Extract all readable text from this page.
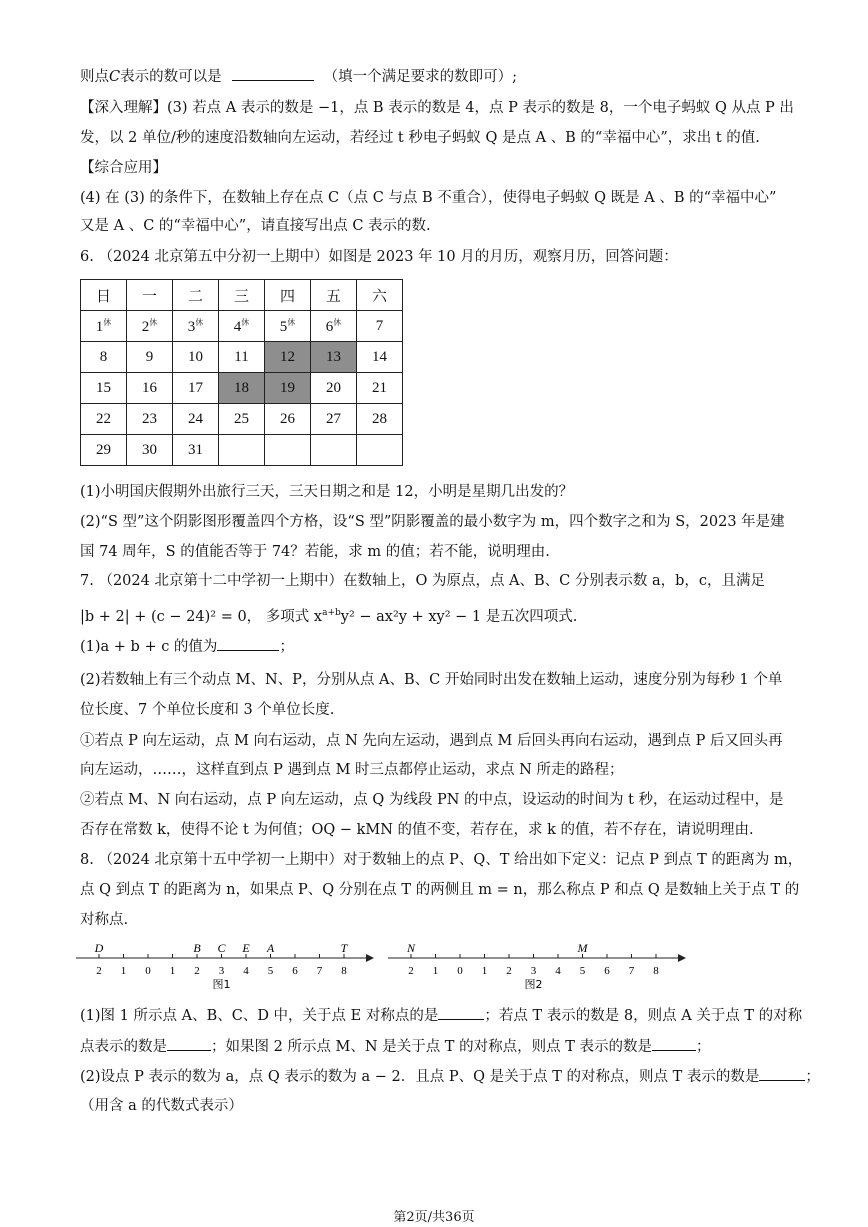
则点C表示的数可以是	（填一个满足要求的数即可）;
【深入理解】(3) 若点 A 表示的数是 −1，点 B 表示的数是 4，点 P 表示的数是 8，一个电子蚂蚁 Q 从点 P 出
发，以 2 单位/秒的速度沿数轴向左运动，若经过 t 秒电子蚂蚁 Q 是点 A 、B 的“幸福中心”，求出 t 的值.
【综合应用】
(4) 在 (3) 的条件下，在数轴上存在点 C（点 C 与点 B 不重合），使得电子蚂蚁 Q 既是 A 、B 的“幸福中心”
又是 A 、C 的“幸福中心”，请直接写出点 C 表示的数.
6. （2024 北京第五中分初一上期中）如图是 2023 年 10 月的月历，观察月历，回答问题：
日	一	二	三	四	五	六
$1^休$	$2^休$	$3^休$	$4^休$	$5^休$	$6^休$	7
8	9	10	11	12	13	14
15	16	17	18	19	20	21
22	23	24	25	26	27	28
29	30	31				
(1)小明国庆假期外出旅行三天，三天日期之和是 12，小明是星期几出发的？
(2)“S 型”这个阴影图形覆盖四个方格，设“S 型”阴影覆盖的最小数字为 m，四个数字之和为 S，2023 年是建
国 74 周年，S 的值能否等于 74？若能，求 m 的值；若不能，说明理由.
7. （2024 北京第十二中学初一上期中）在数轴上，O 为原点，点 A、B、C 分别表示数 a，b，c，且满足
|b + 2| + (c − 24)² = 0， 多项式 $x^{a+b}y^2 - ax^2y + xy^2 - 1$ 是五次四项式.
(1)a + b + c 的值为	；
(2)若数轴上有三个动点 M、N、P，分别从点 A、B、C 开始同时出发在数轴上运动，速度分别为每秒 1 个单
位长度、7 个单位长度和 3 个单位长度.
①若点 P 向左运动，点 M 向右运动，点 N 先向左运动，遇到点 M 后回头再向右运动，遇到点 P 后又回头再
向左运动，……，这样直到点 P 遇到点 M 时三点都停止运动，求点 N 所走的路程；
②若点 M、N 向右运动，点 P 向左运动，点 Q 为线段 PN 的中点，设运动的时间为 t 秒，在运动过程中，是
否存在常数 k，使得不论 t 为何值；OQ − kMN 的值不变，若存在，求 k 的值，若不存在，请说明理由.
8. （2024 北京第十五中学初一上期中）对于数轴上的点 P、Q、T 给出如下定义：记点 P 到点 T 的距离为 m，
点 Q 到点 T 的距离为 n，如果点 P、Q 分别在点 T 的两侧且 m = n，那么称点 P 和点 Q 是数轴上关于点 T 的
对称点.
2 1 0 1 2 3 4 5 6 7 8
D	B C E A	T
图1
2 1 0 1 2 3 4 5 6 7 8
N	M
图2
(1)图 1 所示点 A、B、C、D 中，关于点 E 对称点的是	；若点 T 表示的数是 8，则点 A 关于点 T 的对称
点表示的数是	；如果图 2 所示点 M、N 是关于点 T 的对称点，则点 T 表示的数是	；
(2)设点 P 表示的数为 a，点 Q 表示的数为 a − 2．且点 P、Q 是关于点 T 的对称点，则点 T 表示的数是	；
（用含 a 的代数式表示）
第2页/共36页
